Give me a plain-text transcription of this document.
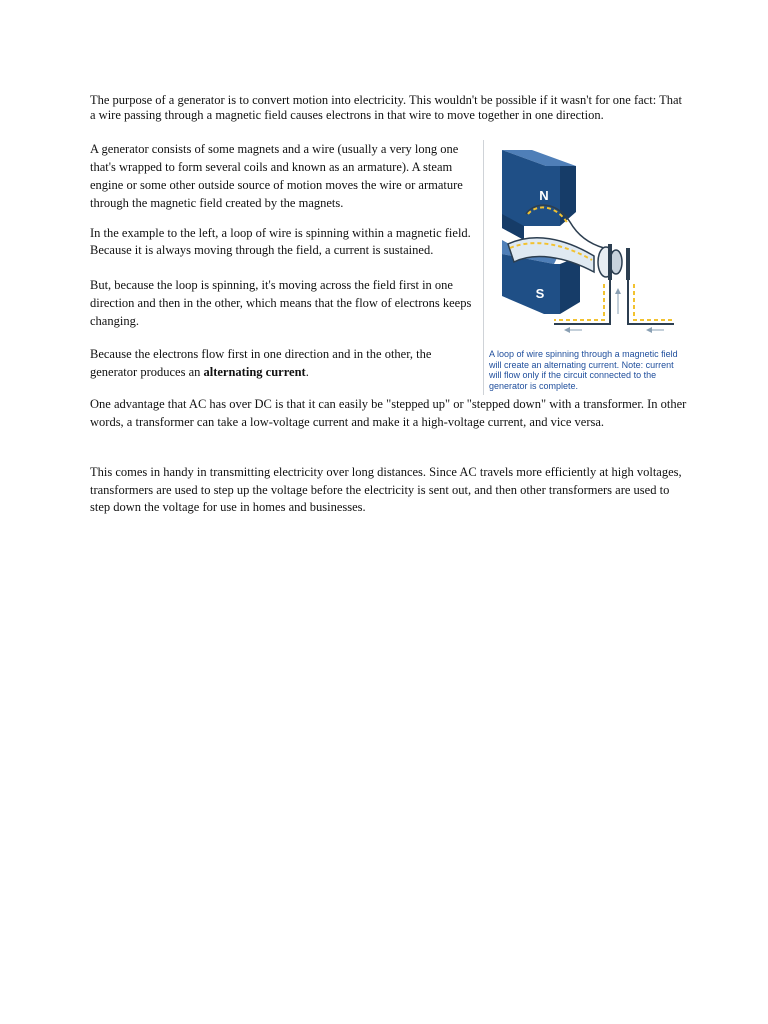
The purpose of a generator is to convert motion into electricity. This wouldn't be possible if it wasn't for one fact: That a wire passing through a magnetic field causes electrons in that wire to move together in one direction.

A generator consists of some magnets and a wire (usually a very long one that's wrapped to form several coils and known as an armature). A steam engine or some other outside source of motion moves the wire or armature through the magnetic field created by the magnets.

In the example to the left, a loop of wire is spinning within a magnetic field. Because it is always moving through the field, a current is sustained.

But, because the loop is spinning, it's moving across the field first in one direction and then in the other, which means that the flow of electrons keeps changing.

Because the electrons flow first in one direction and in the other, the generator produces an alternating current.

One advantage that AC has over DC is that it can easily be "stepped up" or "stepped down" with a transformer. In other words, a transformer can take a low-voltage current and make it a high-voltage current, and vice versa.

This comes in handy in transmitting electricity over long distances. Since AC travels more efficiently at high voltages, transformers are used to step up the voltage before the electricity is sent out, and then other transformers are used to step down the voltage for use in homes and businesses.

N
S
A loop of wire spinning through a magnetic field will create an alternating current. Note: current will flow only if the circuit connected to the generator is complete.
